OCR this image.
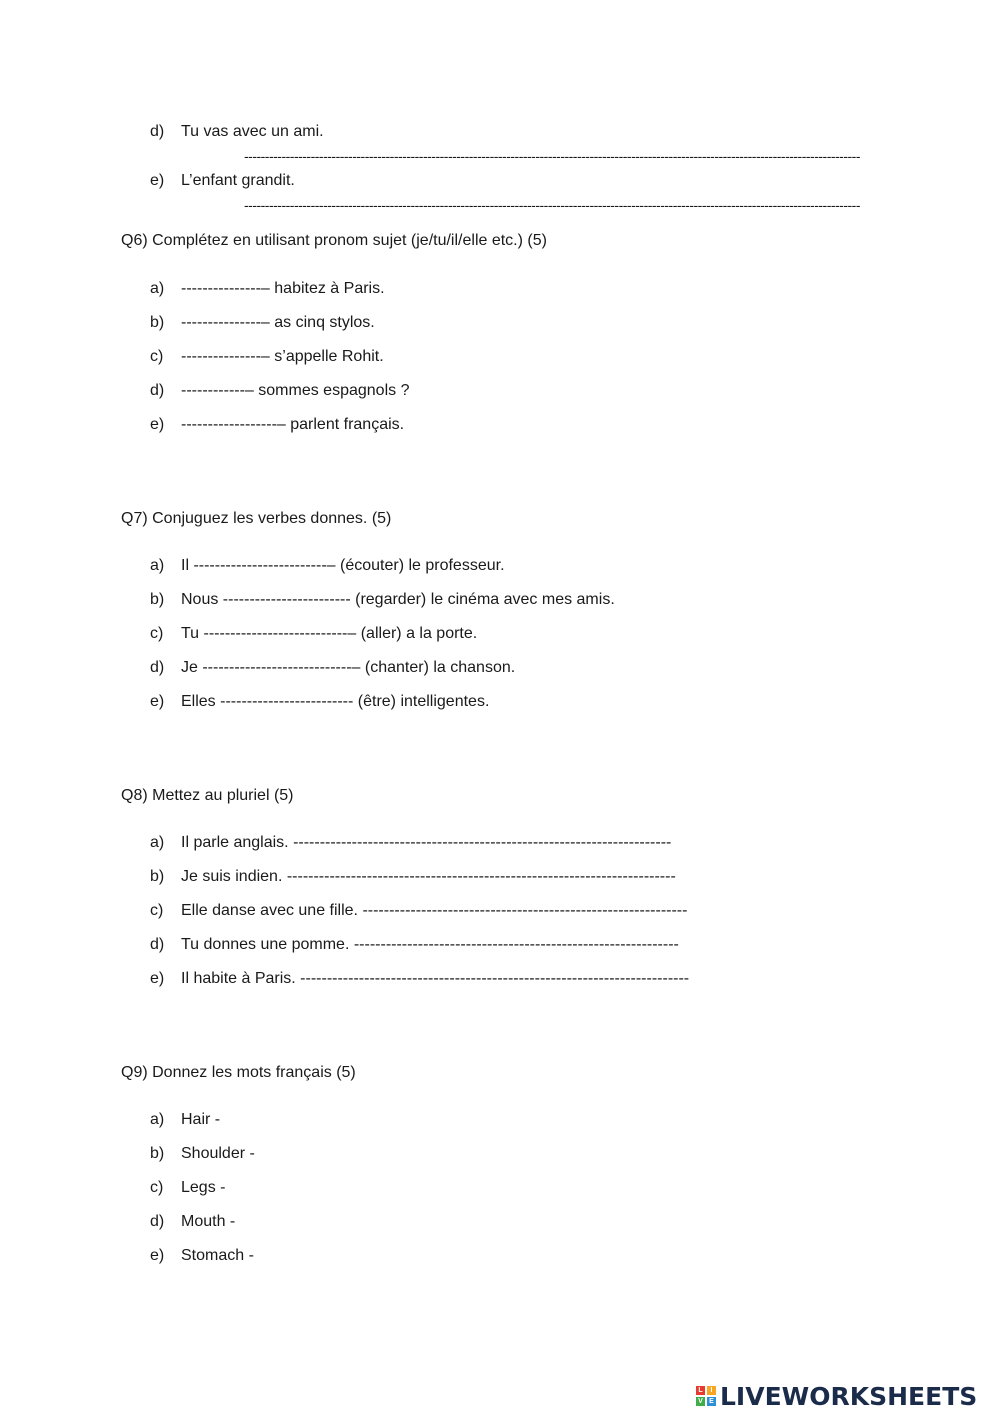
d) Tu vas avec un ami.
----------------------------------------------------------------------------------------------------------------------------------------------------
e) L’enfant grandit.
----------------------------------------------------------------------------------------------------------------------------------------------------
Q6) Complétez en utilisant pronom sujet (je/tu/il/elle etc.) (5)
a) ---------------– habitez à Paris.
b) ---------------– as cinq stylos.
c) ---------------– s’appelle Rohit.
d) ------------– sommes espagnols ?
e) ------------------– parlent français.
Q7) Conjuguez les verbes donnes. (5)
a) Il -------------------------– (écouter) le professeur.
b) Nous ------------------------ (regarder) le cinéma avec mes amis.
c) Tu ---------------------------– (aller) a la porte.
d) Je ----------------------------– (chanter) la chanson.
e) Elles ------------------------- (être) intelligentes.
Q8) Mettez au pluriel (5)
a) Il parle anglais. -----------------------------------------------------------------------
b) Je suis indien. -------------------------------------------------------------------------
c) Elle danse avec une fille. -------------------------------------------------------------
d) Tu donnes une pomme. -------------------------------------------------------------
e) Il habite à Paris. -------------------------------------------------------------------------
Q9) Donnez les mots français (5)
a) Hair -
b) Shoulder -
c) Legs -
d) Mouth -
e) Stomach -
L	I
V E LIVEWORKSHEETS
